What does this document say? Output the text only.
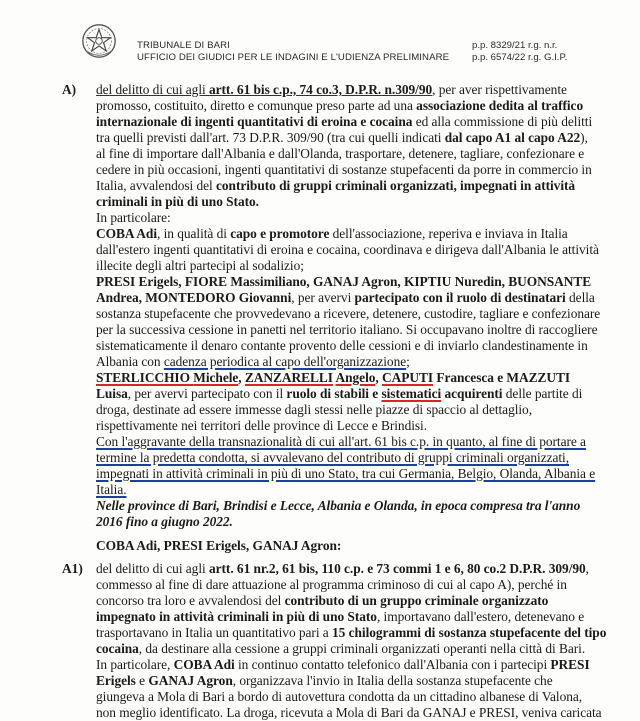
TRIBUNALE DI BARI
UFFICIO DEI GIUDICI PER LE INDAGINI E L'UDIENZA PRELIMINARE
p.p. 8329/21 r.g. n.r.
p.p. 6574/22 r.g. G.I.P.
A) del delitto di cui agli artt. 61 bis c.p., 74 co.3, D.P.R. n.309/90, per aver rispettivamente
promosso, costituito, diretto e comunque preso parte ad una associazione dedita al traffico
internazionale di ingenti quantitativi di eroina e cocaina ed alla commissione di più delitti
tra quelli previsti dall'art. 73 D.P.R. 309/90 (tra cui quelli indicati dal capo A1 al capo A22),
al fine di importare dall'Albania e dall'Olanda, trasportare, detenere, tagliare, confezionare e
cedere in più occasioni, ingenti quantitativi di sostanze stupefacenti da porre in commercio in
Italia, avvalendosi del contributo di gruppi criminali organizzati, impegnati in attività
criminali in più di uno Stato.
In particolare:
COBA Adi, in qualità di capo e promotore dell'associazione, reperiva e inviava in Italia
dall'estero ingenti quantitativi di eroina e cocaina, coordinava e dirigeva dall'Albania le attività
illecite degli altri partecipi al sodalizio;
PRESI Erigels, FIORE Massimiliano, GANAJ Agron, KIPTIU Nuredin, BUONSANTE
Andrea, MONTEDORO Giovanni, per avervi partecipato con il ruolo di destinatari della
sostanza stupefacente che provvedevano a ricevere, detenere, custodire, tagliare e confezionare
per la successiva cessione in panetti nel territorio italiano. Si occupavano inoltre di raccogliere
sistematicamente il denaro contante provento delle cessioni e di inviarlo clandestinamente in
Albania con cadenza periodica al capo dell'organizzazione;
STERLICCHIO Michele, ZANZARELLI Angelo, CAPUTI Francesca e MAZZUTI
Luisa, per avervi partecipato con il ruolo di stabili e sistematici acquirenti delle partite di
droga, destinate ad essere immesse dagli stessi nelle piazze di spaccio al dettaglio,
rispettivamente nei territori delle province di Lecce e Brindisi.
Con l'aggravante della transnazionalità di cui all'art. 61 bis c.p. in quanto, al fine di portare a
termine la predetta condotta, si avvalevano del contributo di gruppi criminali organizzati,
impegnati in attività criminali in più di uno Stato, tra cui Germania, Belgio, Olanda, Albania e
Italia.
Nelle province di Bari, Brindisi e Lecce, Albania e Olanda, in epoca compresa tra l'anno
2016 fino a giugno 2022.
COBA Adi, PRESI Erigels, GANAJ Agron:
A1) del delitto di cui agli artt. 61 nr.2, 61 bis, 110 c.p. e 73 commi 1 e 6, 80 co.2 D.P.R. 309/90,
commesso al fine di dare attuazione al programma criminoso di cui al capo A), perché in
concorso tra loro e avvalendosi del contributo di un gruppo criminale organizzato
impegnato in attività criminali in più di uno Stato, importavano dall'estero, detenevano e
trasportavano in Italia un quantitativo pari a 15 chilogrammi di sostanza stupefacente del tipo
cocaina, da destinare alla cessione a gruppi criminali organizzati operanti nella città di Bari.
In particolare, COBA Adi in continuo contatto telefonico dall'Albania con i partecipi PRESI
Erigels e GANAJ Agron, organizzava l'invio in Italia della sostanza stupefacente che
giungeva a Mola di Bari a bordo di autovettura condotta da un cittadino albanese di Valona,
non meglio identificato. La droga, ricevuta a Mola di Bari da GANAJ e PRESI, veniva caricata
